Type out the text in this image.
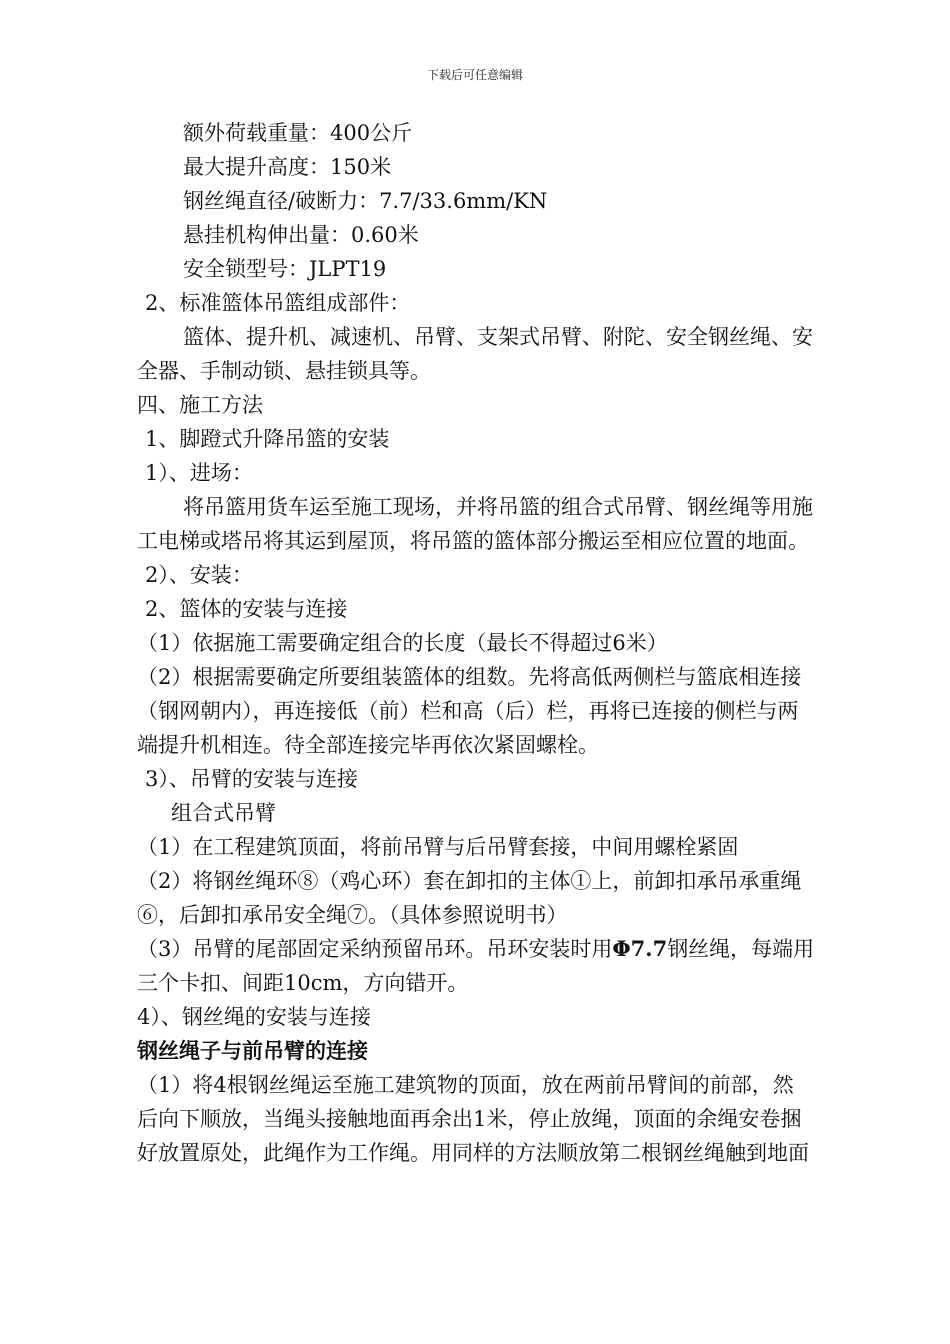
下载后可任意编辑
额外荷载重量：400公斤
最大提升高度：150米
钢丝绳直径/破断力：7.7/33.6mm/KN
悬挂机构伸出量：0.60米
安全锁型号：JLPT19
2、标准篮体吊篮组成部件：
篮体、提升机、减速机、吊臂、支架式吊臂、附陀、安全钢丝绳、安
全器、手制动锁、悬挂锁具等。
四、施工方法
1、脚蹬式升降吊篮的安装
1）、进场：
将吊篮用货车运至施工现场，并将吊篮的组合式吊臂、钢丝绳等用施
工电梯或塔吊将其运到屋顶，将吊篮的篮体部分搬运至相应位置的地面。
2）、安装：
2、篮体的安装与连接
（1）依据施工需要确定组合的长度（最长不得超过6米）
（2）根据需要确定所要组装篮体的组数。先将高低两侧栏与篮底相连接
（钢网朝内），再连接低（前）栏和高（后）栏，再将已连接的侧栏与两
端提升机相连。待全部连接完毕再依次紧固螺栓。
3）、吊臂的安装与连接
组合式吊臂
（1）在工程建筑顶面，将前吊臂与后吊臂套接，中间用螺栓紧固
（2）将钢丝绳环⑧（鸡心环）套在卸扣的主体①上，前卸扣承吊承重绳
⑥，后卸扣承吊安全绳⑦。（具体参照说明书）
（3）吊臂的尾部固定采纳预留吊环。吊环安装时用Φ7.7钢丝绳，每端用
三个卡扣、间距10cm，方向错开。
4）、钢丝绳的安装与连接
钢丝绳子与前吊臂的连接
（1）将4根钢丝绳运至施工建筑物的顶面，放在两前吊臂间的前部，然
后向下顺放，当绳头接触地面再余出1米，停止放绳，顶面的余绳安卷捆
好放置原处，此绳作为工作绳。用同样的方法顺放第二根钢丝绳触到地面
